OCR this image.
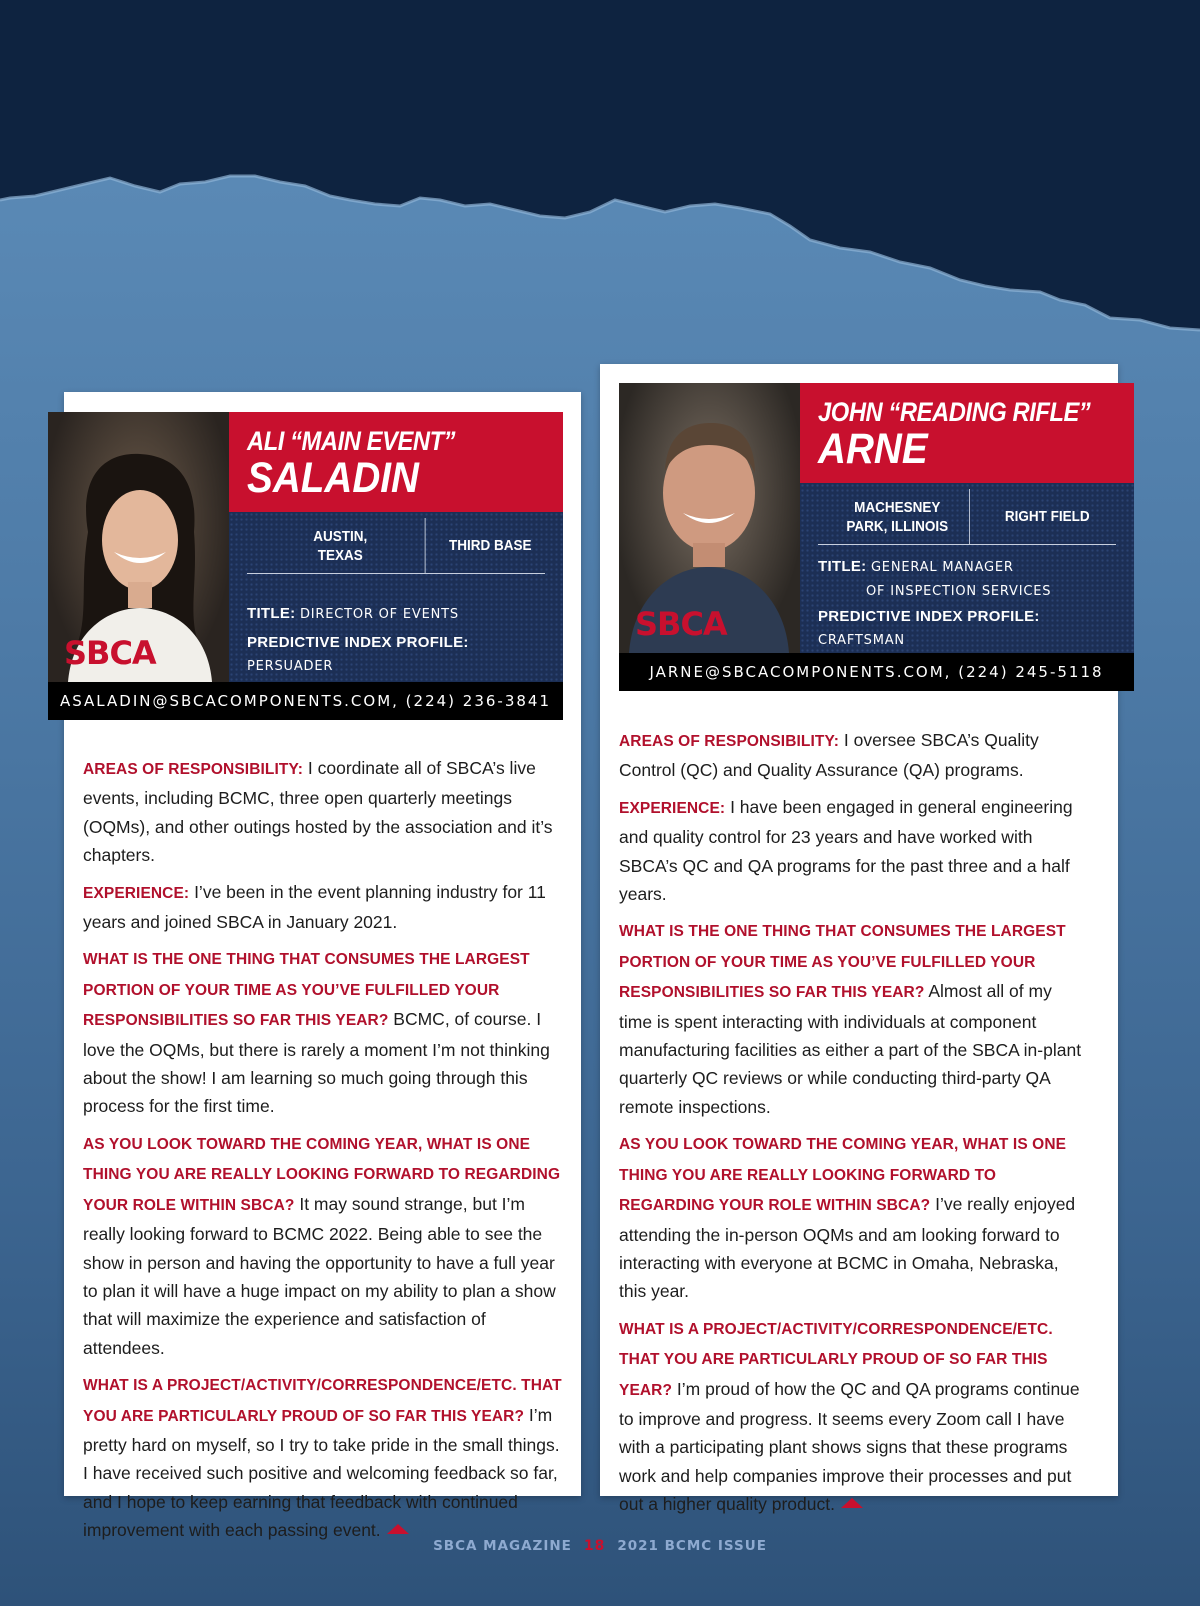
SBCA
ALI “MAIN EVENT”
SALADIN
AUSTIN, TEXAS
THIRD BASE
TITLE: DIRECTOR OF EVENTS
PREDICTIVE INDEX PROFILE: PERSUADER
ASALADIN@SBCACOMPONENTS.COM, (224) 236-3841
SBCA
JOHN “READING RIFLE”
ARNE
MACHESNEY PARK, ILLINOIS
RIGHT FIELD
TITLE: GENERAL MANAGER
OF INSPECTION SERVICES
PREDICTIVE INDEX PROFILE: CRAFTSMAN
JARNE@SBCACOMPONENTS.COM, (224) 245-5118

AREAS OF RESPONSIBILITY: I coordinate all of SBCA’s live events, including BCMC, three open quarterly meetings (OQMs), and other outings hosted by the association and it’s chapters.

EXPERIENCE: I’ve been in the event planning industry for 11 years and joined SBCA in January 2021.

WHAT IS THE ONE THING THAT CONSUMES THE LARGEST PORTION OF YOUR TIME AS YOU’VE FULFILLED YOUR RESPONSIBILITIES SO FAR THIS YEAR? BCMC, of course. I love the OQMs, but there is rarely a moment I’m not thinking about the show! I am learning so much going through this process for the first time.

AS YOU LOOK TOWARD THE COMING YEAR, WHAT IS ONE THING YOU ARE REALLY LOOKING FORWARD TO REGARDING YOUR ROLE WITHIN SBCA? It may sound strange, but I’m really looking forward to BCMC 2022. Being able to see the show in person and having the opportunity to have a full year to plan it will have a huge impact on my ability to plan a show that will maximize the experience and satisfaction of attendees.

WHAT IS A PROJECT/ACTIVITY/CORRESPONDENCE/ETC. THAT YOU ARE PARTICULARLY PROUD OF SO FAR THIS YEAR? I’m pretty hard on myself, so I try to take pride in the small things. I have received such positive and welcoming feedback so far, and I hope to keep earning that feedback with continued improvement with each passing event.

AREAS OF RESPONSIBILITY: I oversee SBCA’s Quality Control (QC) and Quality Assurance (QA) programs.

EXPERIENCE: I have been engaged in general engineering and quality control for 23 years and have worked with SBCA’s QC and QA programs for the past three and a half years.

WHAT IS THE ONE THING THAT CONSUMES THE LARGEST PORTION OF YOUR TIME AS YOU’VE FULFILLED YOUR RESPONSIBILITIES SO FAR THIS YEAR? Almost all of my time is spent interacting with individuals at component manufacturing facilities as either a part of the SBCA in-plant quarterly QC reviews or while conducting third-party QA remote inspections.

AS YOU LOOK TOWARD THE COMING YEAR, WHAT IS ONE THING YOU ARE REALLY LOOKING FORWARD TO REGARDING YOUR ROLE WITHIN SBCA? I’ve really enjoyed attending the in-person OQMs and am looking forward to interacting with everyone at BCMC in Omaha, Nebraska, this year.

WHAT IS A PROJECT/ACTIVITY/CORRESPONDENCE/ETC. THAT YOU ARE PARTICULARLY PROUD OF SO FAR THIS YEAR? I’m proud of how the QC and QA programs continue to improve and progress. It seems every Zoom call I have with a participating plant shows signs that these programs work and help companies improve their processes and put out a higher quality product.

SBCA MAGAZINE 18 2021 BCMC ISSUE
